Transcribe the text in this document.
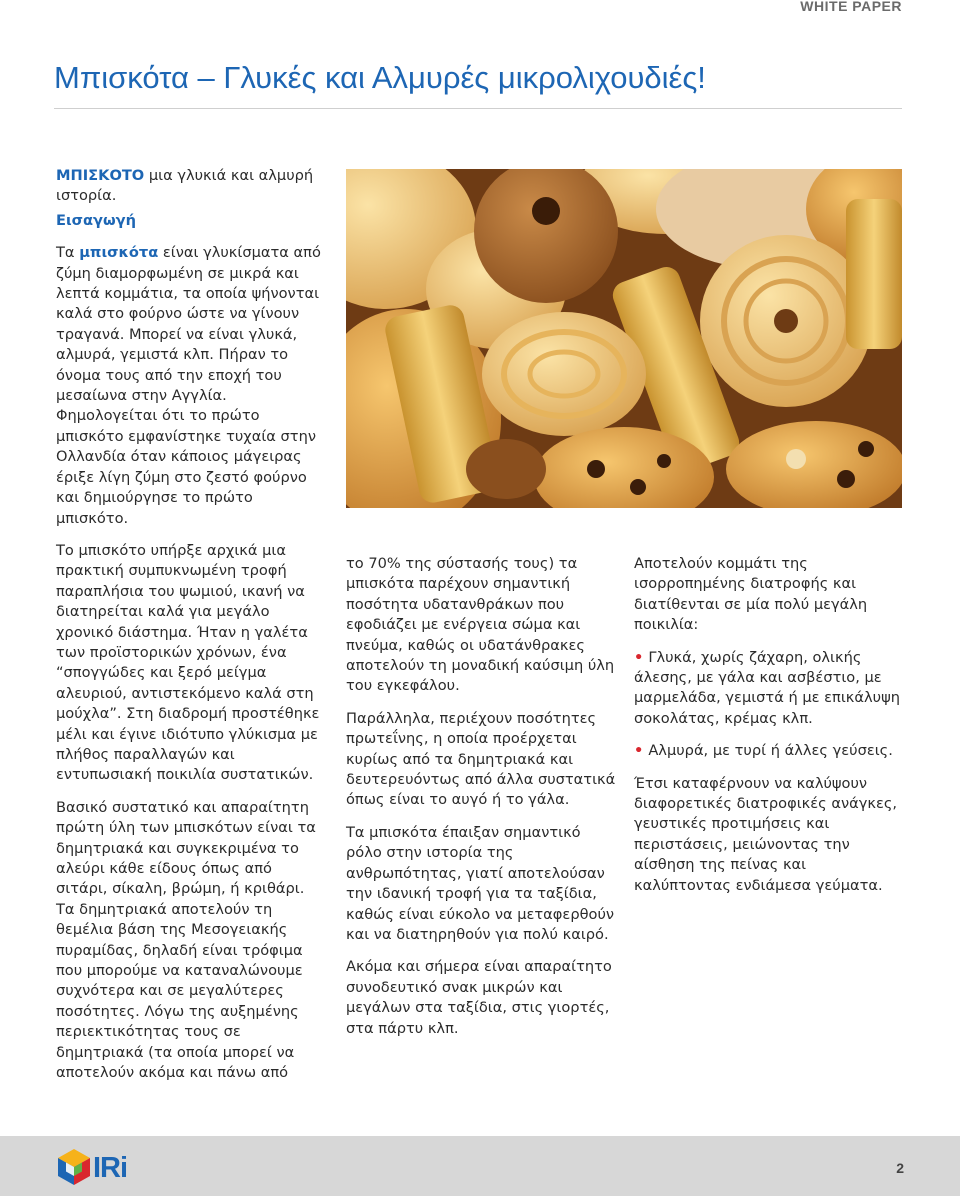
WHITE PAPER
Μπισκότα – Γλυκές και Αλμυρές μικρολιχουδιές!

ΜΠΙΣΚΟΤΟ μια γλυκιά και αλμυρή ιστορία.

Εισαγωγή

Τα μπισκότα είναι γλυκίσματα από ζύμη διαμορφωμένη σε μικρά και λεπτά κομμάτια, τα οποία ψήνονται καλά στο φούρνο ώστε να γίνουν τραγανά. Μπορεί να είναι γλυκά, αλμυρά, γεμιστά κλπ. Πήραν το όνομα τους από την εποχή του μεσαίωνα στην Αγγλία. Φημολογείται ότι το πρώτο μπισκότο εμφανίστηκε τυχαία στην Ολλανδία όταν κάποιος μάγειρας έριξε λίγη ζύμη στο ζεστό φούρνο και δημιούργησε το πρώτο μπισκότο.

Το μπισκότο υπήρξε αρχικά μια πρακτική συμπυκνωμένη τροφή παραπλήσια του ψωμιού, ικανή να διατηρείται καλά για μεγάλο χρονικό διάστημα. Ήταν η γαλέτα των προϊστορικών χρόνων, ένα “σπογγώδες και ξερό μείγμα αλευριού, αντιστεκόμενο καλά στη μούχλα”. Στη διαδρομή προστέθηκε μέλι και έγινε ιδιότυπο γλύκισμα με πλήθος παραλλαγών και εντυπωσιακή ποικιλία συστατικών.

Βασικό συστατικό και απαραίτητη πρώτη ύλη των μπισκότων είναι τα δημητριακά και συγκεκριμένα το αλεύρι κάθε είδους όπως από σιτάρι, σίκαλη, βρώμη, ή κριθάρι. Τα δημητριακά αποτελούν τη θεμέλια βάση της Μεσογειακής πυραμίδας, δηλαδή είναι τρόφιμα που μπορούμε να καταναλώνουμε συχνότερα και σε μεγαλύτερες ποσότητες. Λόγω της αυξημένης περιεκτικότητας τους σε δημητριακά (τα οποία μπορεί να αποτελούν ακόμα και πάνω από

το 70% της σύστασής τους) τα μπισκότα παρέχουν σημαντική ποσότητα υδατανθράκων που εφοδιάζει με ενέργεια σώμα και πνεύμα, καθώς οι υδατάνθρακες αποτελούν τη μοναδική καύσιμη ύλη του εγκεφάλου.

Παράλληλα, περιέχουν ποσότητες πρωτεΐνης, η οποία προέρχεται κυρίως από τα δημητριακά και δευτερευόντως από άλλα συστατικά όπως είναι το αυγό ή το γάλα.

Τα μπισκότα έπαιξαν σημαντικό ρόλο στην ιστορία της ανθρωπότητας, γιατί αποτελούσαν την ιδανική τροφή για τα ταξίδια, καθώς είναι εύκολο να μεταφερθούν και να διατηρηθούν για πολύ καιρό.

Ακόμα και σήμερα είναι απαραίτητο συνοδευτικό σνακ μικρών και μεγάλων στα ταξίδια, στις γιορτές, στα πάρτυ κλπ.

Αποτελούν κομμάτι της ισορροπημένης διατροφής και διατίθενται σε μία πολύ μεγάλη ποικιλία:

• Γλυκά, χωρίς ζάχαρη, ολικής άλεσης, με γάλα και ασβέστιο, με μαρμελάδα, γεμιστά ή με επικάλυψη σοκολάτας, κρέμας κλπ.

• Αλμυρά, με τυρί ή άλλες γεύσεις.

Έτσι καταφέρνουν να καλύψουν διαφορετικές διατροφικές ανάγκες, γευστικές προτιμήσεις και περιστάσεις, μειώνοντας την αίσθηση της πείνας και καλύπτοντας ενδιάμεσα γεύματα.

IRi	2
